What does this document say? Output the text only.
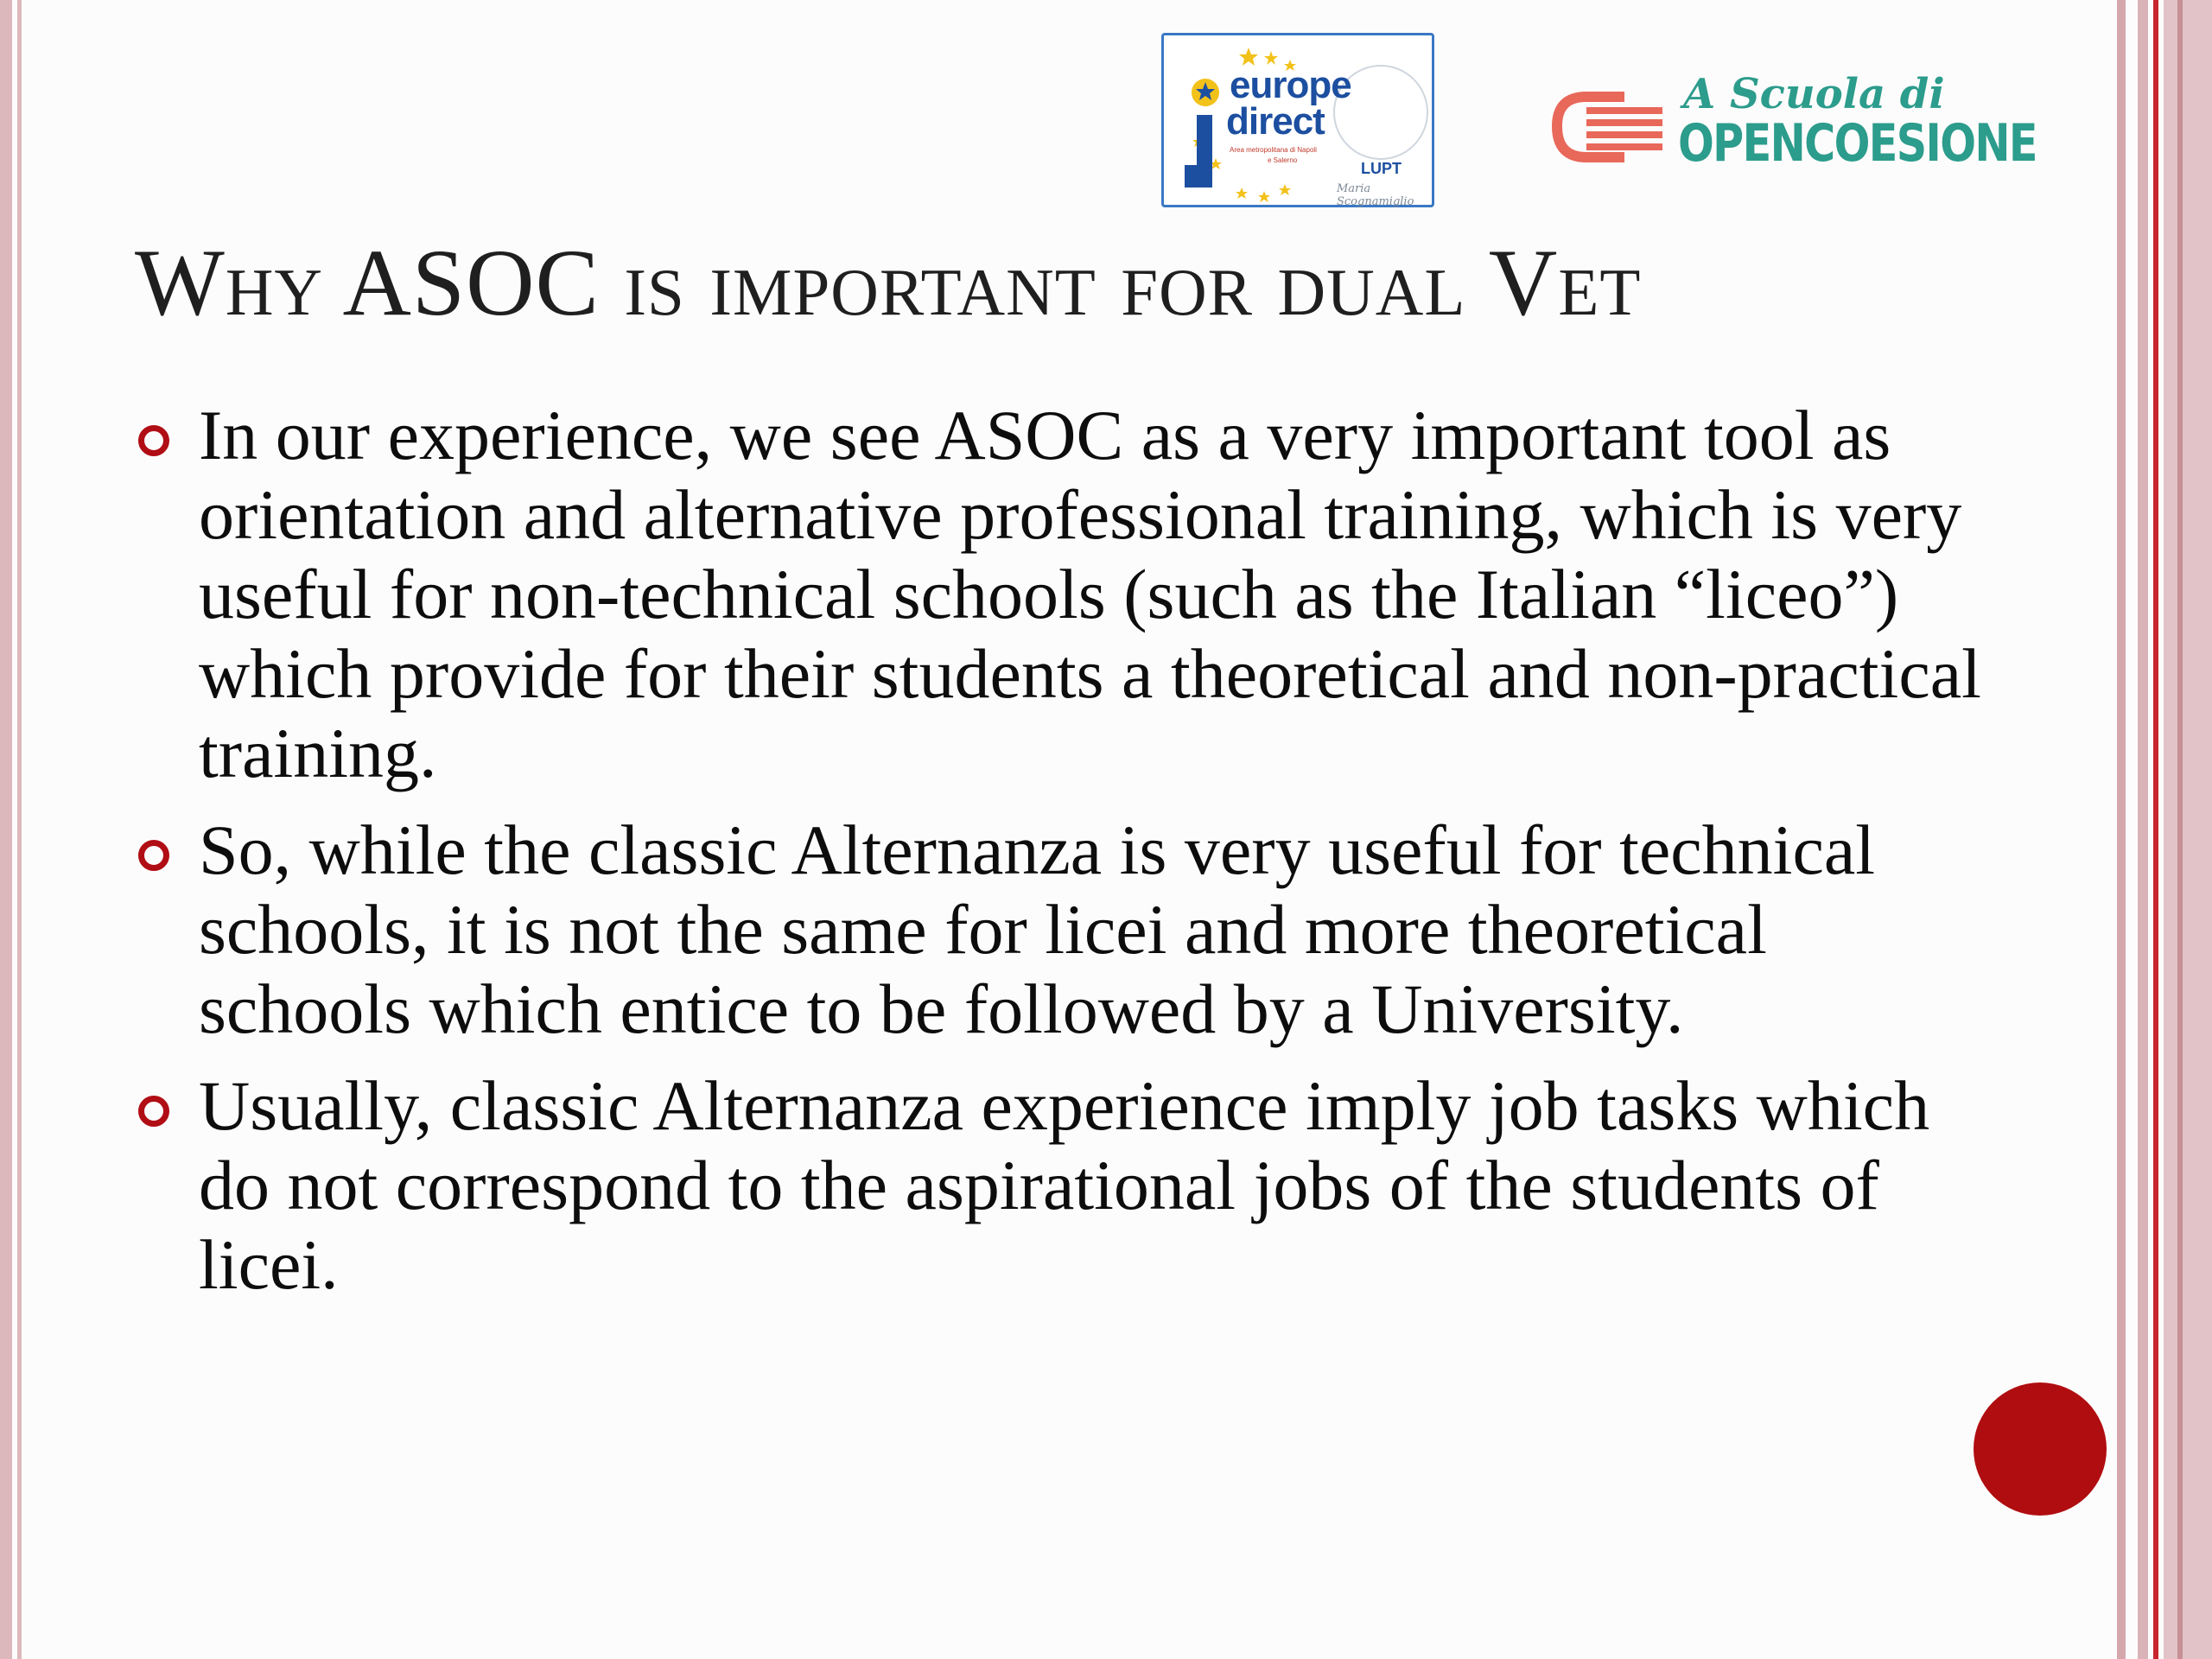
europe
direct
Area metropolitana di Napoli
e Salerno	LUPT
Maria Scognamiglio
A Scuola di
OPENCOESIONE
Why ASOC is important for dual Vet
In our experience, we see ASOC as a very important tool as orientation and alternative professional training, which is very useful for non-technical schools (such as the Italian “liceo”) which provide for their students a theoretical and non-practical training.
So, while the classic Alternanza is very useful for technical schools, it is not the same for licei and more theoretical schools which entice to be followed by a University.
Usually, classic Alternanza experience imply job tasks which do not correspond to the aspirational jobs of the students of licei.
